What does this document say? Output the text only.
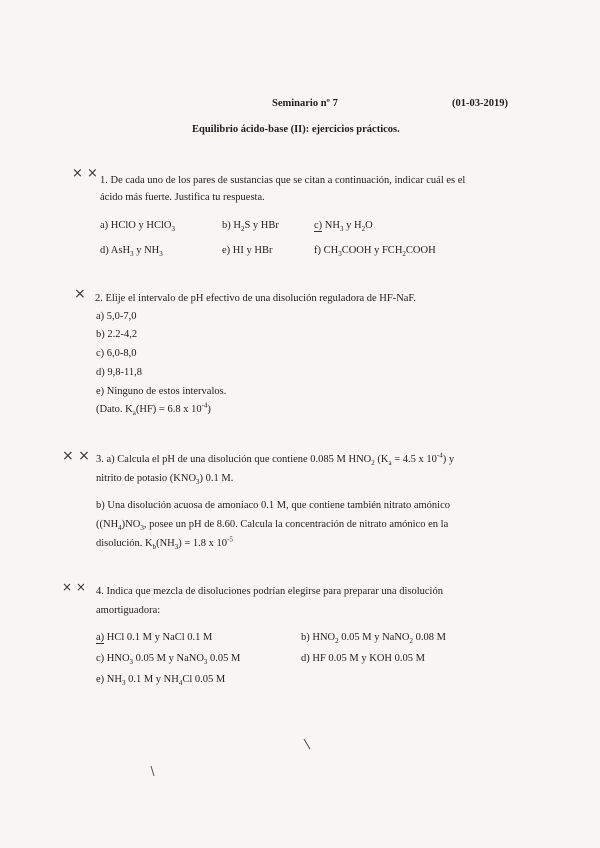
Seminario nº 7	(01-03-2019)
Equilibrio ácido-base (II): ejercicios prácticos.
× × 1. De cada uno de los pares de sustancias que se citan a continuación, indicar cuál es el
ácido más fuerte. Justifica tu respuesta.
a) HClO y HClO$_3$	b) $H_2S$ y HBr	c) $NH_3$ y $H_2O$
d) AsH$_3$ y $NH_3$	e) HI y HBr	f) $CH_3COOH$ y $FCH_2COOH$
× 2. Elije el intervalo de pH efectivo de una disolución reguladora de HF-NaF.
a) 5,0-7,0
b) 2.2-4,2
c) 6,0-8,0
d) 9,8-11,8
e) Ninguno de estos intervalos.
(Dato. $K_a(HF) = 6.8$ x $10^{-4}$)
× × 3. a) Calcula el pH de una disolución que contiene 0.085 M $HNO_2$ ($K_a = 4.5$ x $10^{-4}$) y
nitrito de potasio $(KNO_3)$ 0.1 M.
b) Una disolución acuosa de amoniaco 0.1 M, que contiene también nitrato amónico
($(NH_4)NO_3$, posee un pH de 8.60. Calcula la concentración de nitrato amónico en la
disolución. $K_b(NH_3) = 1.8$ x $10^{-5}$
× × 4. Indica que mezcla de disoluciones podrían elegirse para preparar una disolución
amortiguadora:
a) HCl 0.1 M y NaCl 0.1 M	b) $HNO_2$ 0.05 M y NaNO$_2$ 0.08 M
c) $HNO_3$ 0.05 M y NaNO$_3$ 0.05 M	d) HF 0.05 M y KOH 0.05 M
e) $NH_3$ 0.1 M y $NH_4Cl$ 0.05 M
